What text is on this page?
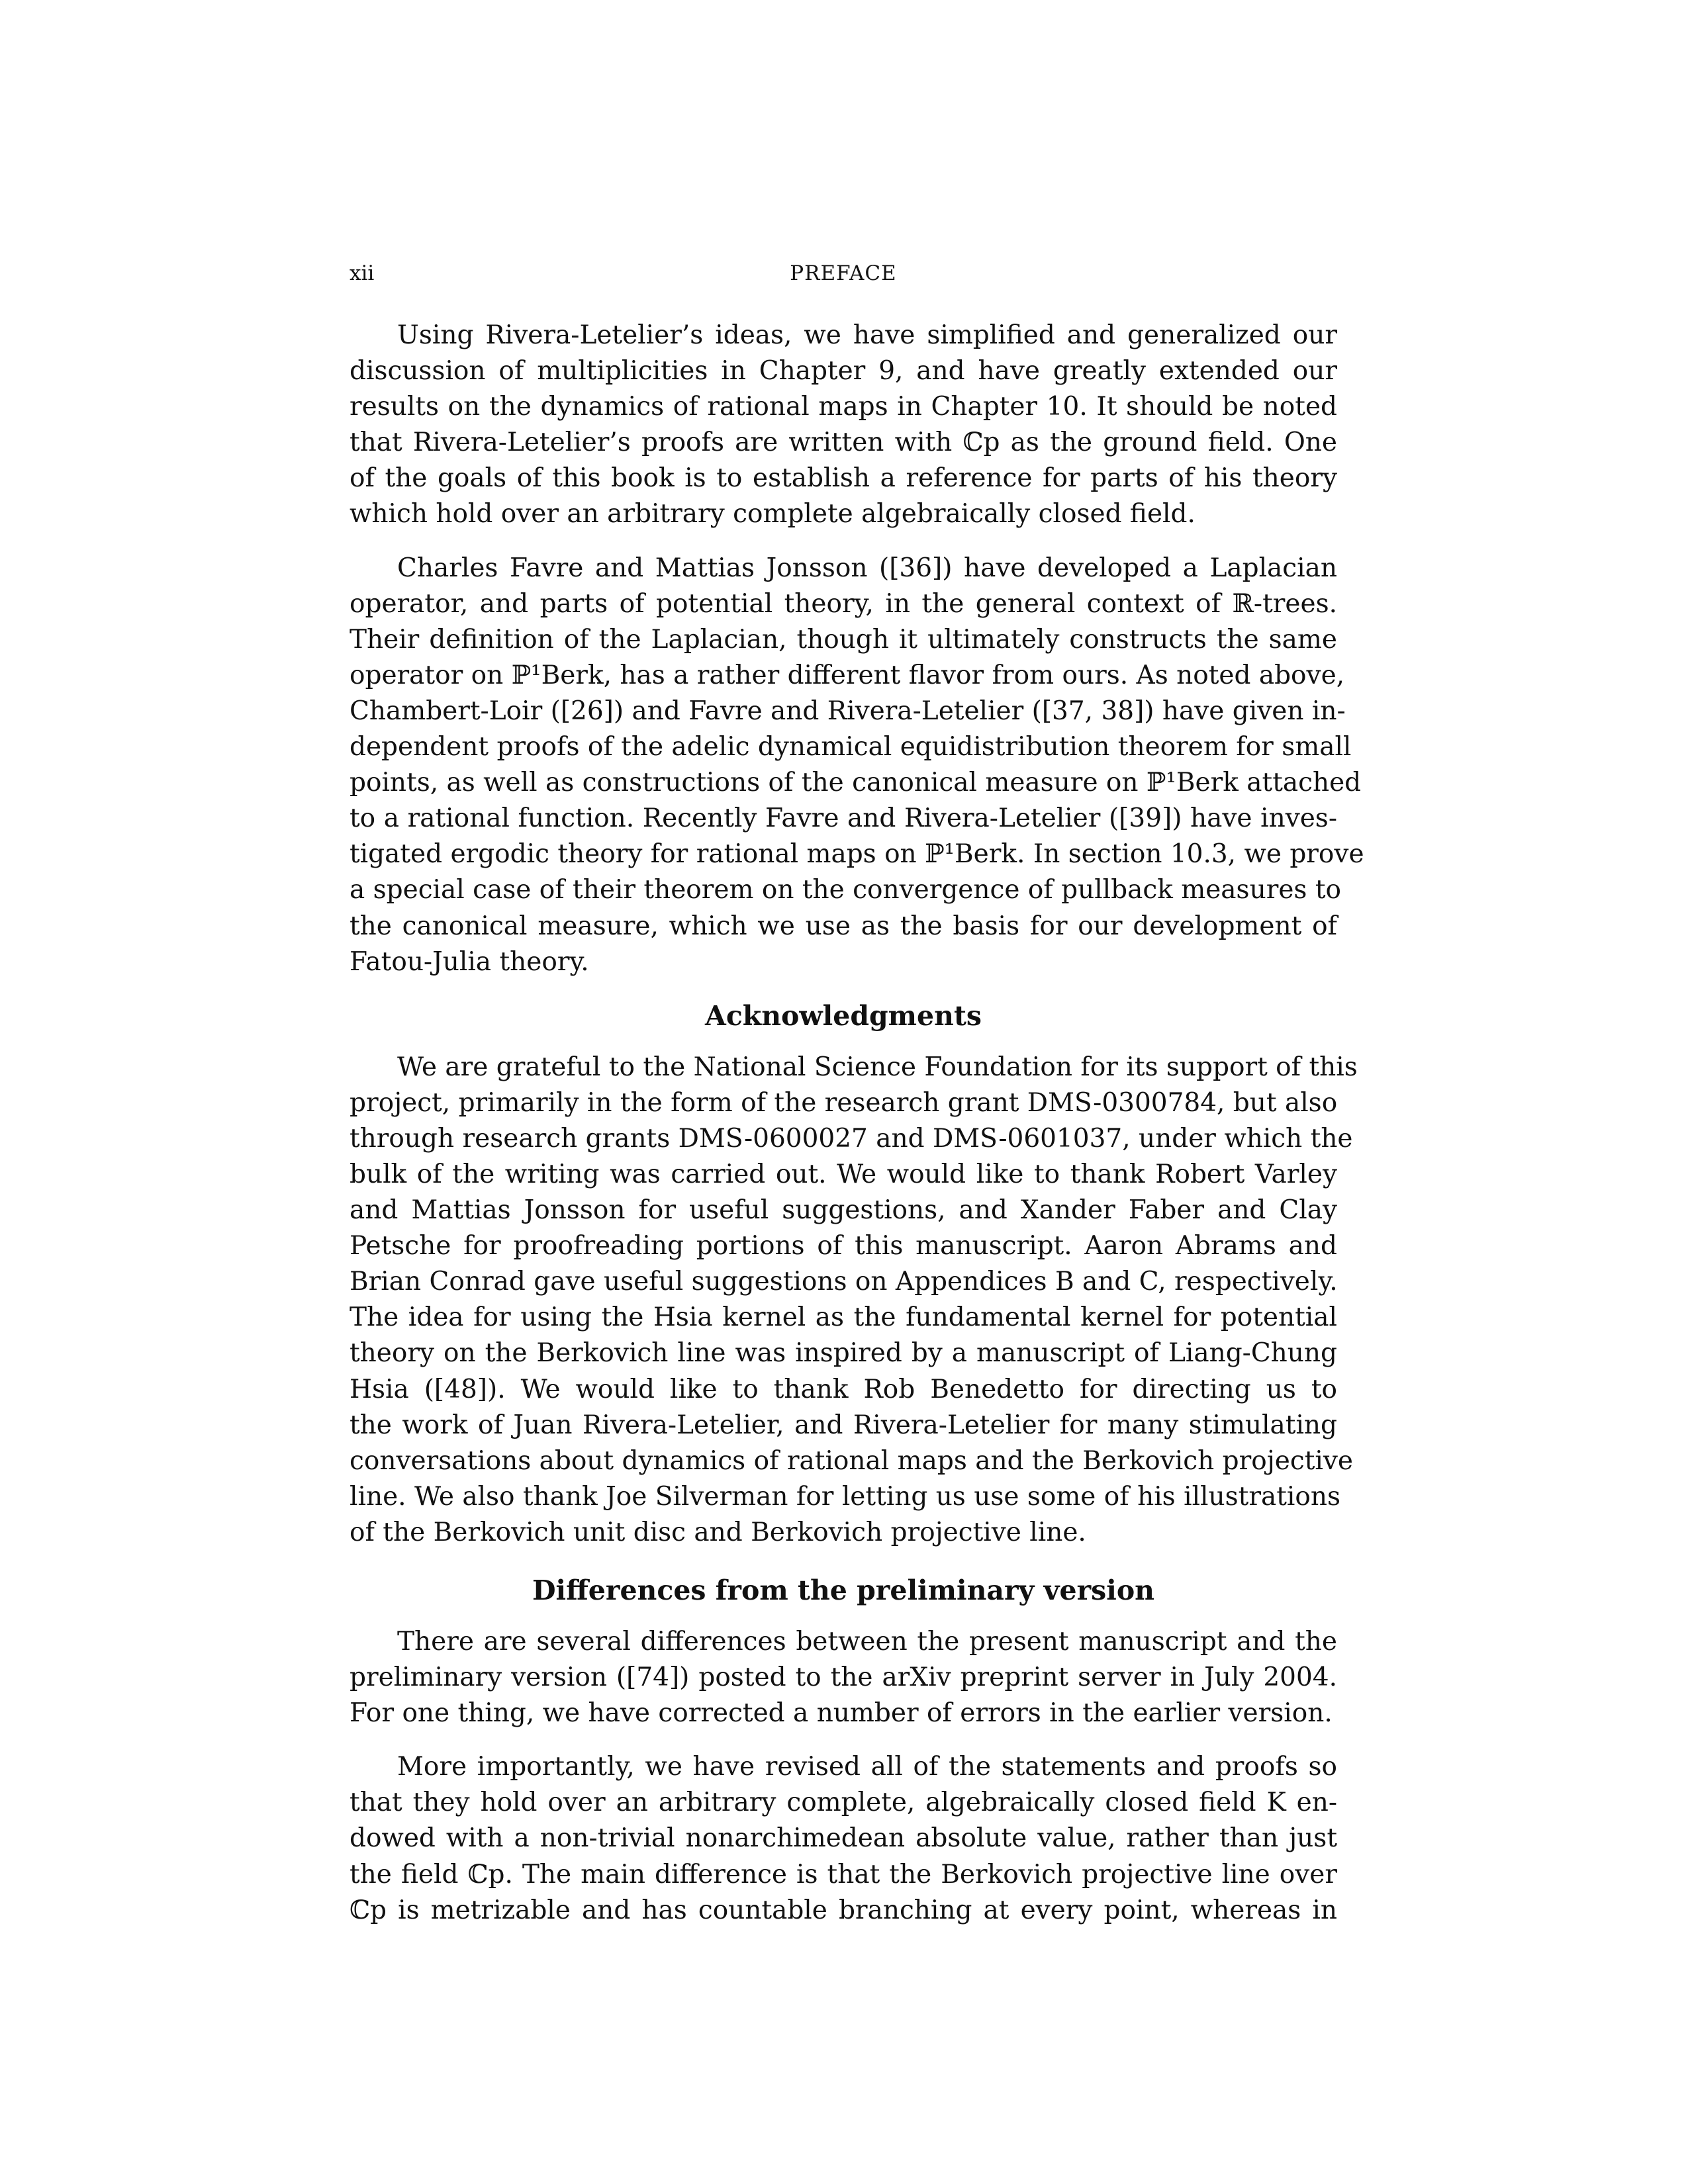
xii	PREFACE
Using Rivera-Letelier’s ideas, we have simplified and generalized our
discussion of multiplicities in Chapter 9, and have greatly extended our
results on the dynamics of rational maps in Chapter 10. It should be noted
that Rivera-Letelier’s proofs are written with ℂp as the ground field. One
of the goals of this book is to establish a reference for parts of his theory
which hold over an arbitrary complete algebraically closed field.
Charles Favre and Mattias Jonsson ([36]) have developed a Laplacian
operator, and parts of potential theory, in the general context of ℝ-trees.
Their definition of the Laplacian, though it ultimately constructs the same
operator on ℙ¹Berk, has a rather different flavor from ours. As noted above,
Chambert-Loir ([26]) and Favre and Rivera-Letelier ([37, 38]) have given in-
dependent proofs of the adelic dynamical equidistribution theorem for small
points, as well as constructions of the canonical measure on ℙ¹Berk attached
to a rational function. Recently Favre and Rivera-Letelier ([39]) have inves-
tigated ergodic theory for rational maps on ℙ¹Berk. In section 10.3, we prove
a special case of their theorem on the convergence of pullback measures to
the canonical measure, which we use as the basis for our development of
Fatou-Julia theory.
Acknowledgments
We are grateful to the National Science Foundation for its support of this
project, primarily in the form of the research grant DMS-0300784, but also
through research grants DMS-0600027 and DMS-0601037, under which the
bulk of the writing was carried out. We would like to thank Robert Varley
and Mattias Jonsson for useful suggestions, and Xander Faber and Clay
Petsche for proofreading portions of this manuscript. Aaron Abrams and
Brian Conrad gave useful suggestions on Appendices B and C, respectively.
The idea for using the Hsia kernel as the fundamental kernel for potential
theory on the Berkovich line was inspired by a manuscript of Liang-Chung
Hsia ([48]). We would like to thank Rob Benedetto for directing us to
the work of Juan Rivera-Letelier, and Rivera-Letelier for many stimulating
conversations about dynamics of rational maps and the Berkovich projective
line. We also thank Joe Silverman for letting us use some of his illustrations
of the Berkovich unit disc and Berkovich projective line.
Differences from the preliminary version
There are several differences between the present manuscript and the
preliminary version ([74]) posted to the arXiv preprint server in July 2004.
For one thing, we have corrected a number of errors in the earlier version.
More importantly, we have revised all of the statements and proofs so
that they hold over an arbitrary complete, algebraically closed field K en-
dowed with a non-trivial nonarchimedean absolute value, rather than just
the field ℂp. The main difference is that the Berkovich projective line over
ℂp is metrizable and has countable branching at every point, whereas in
